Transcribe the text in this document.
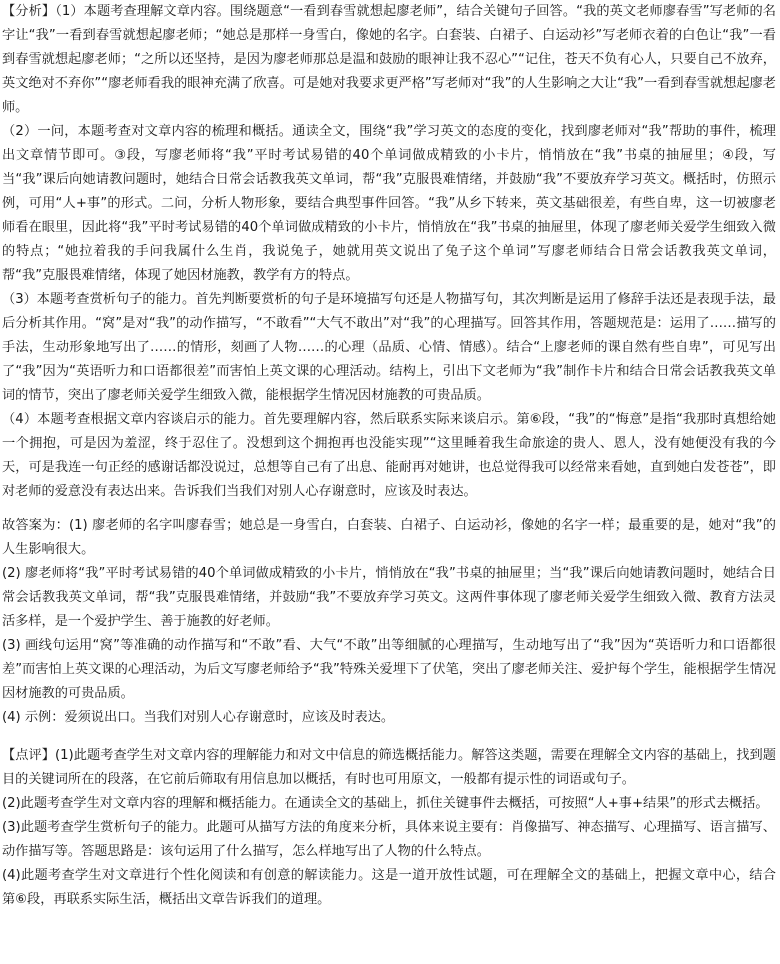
【分析】（1）本题考查理解文章内容。围绕题意“一看到春雪就想起廖老师”，结合关键句子回答。“我的英文老师廖春雪”写老师的名字让“我”一看到春雪就想起廖老师；“她总是那样一身雪白，像她的名字。白套装、白裙子、白运动衫”写老师衣着的白色让“我”一看到春雪就想起廖老师；“之所以还坚持，是因为廖老师那总是温和鼓励的眼神让我不忍心”“记住，苍天不负有心人，只要自己不放弃，英文绝对不弃你”“廖老师看我的眼神充满了欣喜。可是她对我要求更严格”写老师对“我”的人生影响之大让“我”一看到春雪就想起廖老师。

（2）一问，本题考查对文章内容的梳理和概括。通读全文，围绕“我”学习英文的态度的变化，找到廖老师对“我”帮助的事件，梳理出文章情节即可。③段，写廖老师将“我”平时考试易错的40个单词做成精致的小卡片，悄悄放在“我”书桌的抽屉里；④段，写当“我”课后向她请教问题时，她结合日常会话教我英文单词，帮“我”克服畏难情绪，并鼓励“我”不要放弃学习英文。概括时，仿照示例，可用“人+事”的形式。二问，分析人物形象，要结合典型事件回答。“我”从乡下转来，英文基础很差，有些自卑，这一切被廖老师看在眼里，因此将“我”平时考试易错的40个单词做成精致的小卡片，悄悄放在“我”书桌的抽屉里，体现了廖老师关爱学生细致入微的特点；“她拉着我的手问我属什么生肖，我说兔子，她就用英文说出了兔子这个单词”写廖老师结合日常会话教我英文单词，帮“我”克服畏难情绪，体现了她因材施教，教学有方的特点。

（3）本题考查赏析句子的能力。首先判断要赏析的句子是环境描写句还是人物描写句，其次判断是运用了修辞手法还是表现手法，最后分析其作用。“窝”是对“我”的动作描写，“不敢看”“大气不敢出”对“我”的心理描写。回答其作用，答题规范是：运用了……描写的手法，生动形象地写出了……的情形，刻画了人物……的心理（品质、心情、情感）。结合“上廖老师的课自然有些自卑”，可见写出了“我”因为“英语听力和口语都很差”而害怕上英文课的心理活动。结构上，引出下文老师为“我”制作卡片和结合日常会话教我英文单词的情节，突出了廖老师关爱学生细致入微，能根据学生情况因材施教的可贵品质。

（4）本题考查根据文章内容谈启示的能力。首先要理解内容，然后联系实际来谈启示。第⑥段，“我”的“悔意”是指“我那时真想给她一个拥抱，可是因为羞涩，终于忍住了。没想到这个拥抱再也没能实现”“这里睡着我生命旅途的贵人、恩人，没有她便没有我的今天，可是我连一句正经的感谢话都没说过，总想等自己有了出息、能耐再对她讲，也总觉得我可以经常来看她，直到她白发苍苍”，即对老师的爱意没有表达出来。告诉我们当我们对别人心存谢意时，应该及时表达。

故答案为：(1) 廖老师的名字叫廖春雪；她总是一身雪白，白套装、白裙子、白运动衫，像她的名字一样；最重要的是，她对“我”的人生影响很大。

(2) 廖老师将“我”平时考试易错的40个单词做成精致的小卡片，悄悄放在“我”书桌的抽屉里；当“我”课后向她请教问题时，她结合日常会话教我英文单词，帮“我”克服畏难情绪，并鼓励“我”不要放弃学习英文。这两件事体现了廖老师关爱学生细致入微、教育方法灵活多样，是一个爱护学生、善于施教的好老师。

(3) 画线句运用“窝”等准确的动作描写和“不敢”看、大气“不敢”出等细腻的心理描写，生动地写出了“我”因为“英语听力和口语都很差”而害怕上英文课的心理活动，为后文写廖老师给予“我”特殊关爱埋下了伏笔，突出了廖老师关注、爱护每个学生，能根据学生情况因材施教的可贵品质。

(4) 示例：爱须说出口。当我们对别人心存谢意时，应该及时表达。

【点评】(1)此题考查学生对文章内容的理解能力和对文中信息的筛选概括能力。解答这类题，需要在理解全文内容的基础上，找到题目的关键词所在的段落，在它前后筛取有用信息加以概括，有时也可用原文，一般都有提示性的词语或句子。

(2)此题考查学生对文章内容的理解和概括能力。在通读全文的基础上，抓住关键事件去概括，可按照“人+事+结果”的形式去概括。

(3)此题考查学生赏析句子的能力。此题可从描写方法的角度来分析，具体来说主要有：肖像描写、神态描写、心理描写、语言描写、动作描写等。答题思路是：该句运用了什么描写，怎么样地写出了人物的什么特点。

(4)此题考查学生对文章进行个性化阅读和有创意的解读能力。这是一道开放性试题，可在理解全文的基础上，把握文章中心，结合 第⑥段，再联系实际生活，概括出文章告诉我们的道理。
